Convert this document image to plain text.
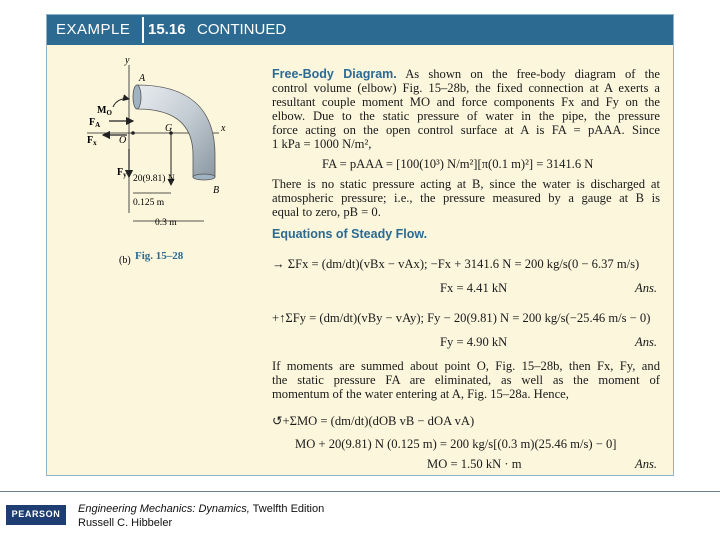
EXAMPLE 15.16 CONTINUED
y
x
A
B
O
G
$M_O$
$F_A$
$F_x$
$F_y$ 20(9.81) N
0.125 m
0.3 m
(b) Fig. 15–28
Free-Body Diagram. As shown on the free-body diagram of the
control volume (elbow) Fig. 15–28b, the fixed connection at A exerts a
resultant couple moment MO and force components Fx and Fy on the
elbow. Due to the static pressure of water in the pipe, the pressure
force acting on the open control surface at A is FA = pAAA. Since
1 kPa = 1000 N/m²,
FA = pAAA = [100(10³) N/m²][π(0.1 m)²] = 3141.6 N
There is no static pressure acting at B, since the water is discharged at
atmospheric pressure; i.e., the pressure measured by a gauge at B is
equal to zero, pB = 0.
Equations of Steady Flow.
→ ΣFx = (dm/dt)(vBx − vAx); −Fx + 3141.6 N = 200 kg/s(0 − 6.37 m/s)
Fx = 4.41 kN	Ans.
+↑ΣFy = (dm/dt)(vBy − vAy); Fy − 20(9.81) N = 200 kg/s(−25.46 m/s − 0)
Fy = 4.90 kN	Ans.
If moments are summed about point O, Fig. 15–28b, then Fx, Fy, and
the static pressure FA are eliminated, as well as the moment of
momentum of the water entering at A, Fig. 15–28a. Hence,
↺+ΣMO = (dm/dt)(dOB vB − dOA vA)
MO + 20(9.81) N (0.125 m) = 200 kg/s[(0.3 m)(25.46 m/s) − 0]
MO = 1.50 kN · m	Ans.
PEARSON	Engineering Mechanics: Dynamics, Twelfth Edition
Russell C. Hibbeler
